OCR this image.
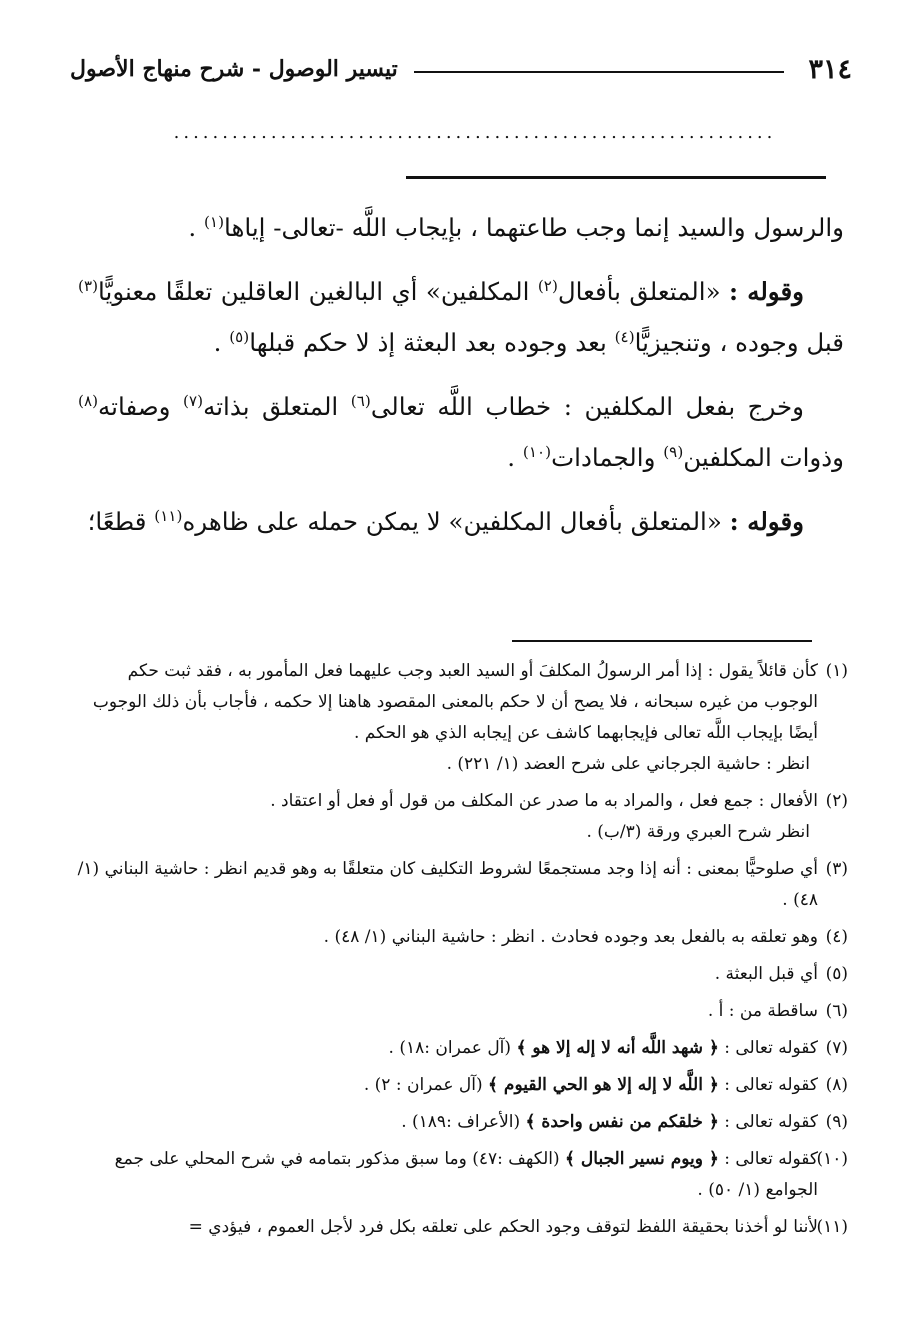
٣١٤
تيسير الوصول - شرح منهاج الأصول
..............................................................

والرسول والسيد إنما وجب طاعتهما ، بإيجاب اللَّه -تعالى- إياها$^{(١)}$ .

وقوله : «المتعلق بأفعال$^{(٢)}$ المكلفين» أي البالغين العاقلين تعلقًا معنويًّا$^{(٣)}$ قبل وجوده ، وتنجيزيًّا$^{(٤)}$ بعد وجوده بعد البعثة إذ لا حكم قبلها$^{(٥)}$ .

وخرج بفعل المكلفين : خطاب اللَّه تعالى$^{(٦)}$ المتعلق بذاته$^{(٧)}$ وصفاته$^{(٨)}$ وذوات المكلفين$^{(٩)}$ والجمادات$^{(١٠)}$ .

وقوله : «المتعلق بأفعال المكلفين» لا يمكن حمله على ظاهره$^{(١١)}$ قطعًا؛

(١)
كأن قائلاً يقول : إذا أمر الرسولُ المكلفَ أو السيد العبد وجب عليهما فعل المأمور به ، فقد ثبت حكم الوجوب من غيره سبحانه ، فلا يصح أن لا حكم بالمعنى المقصود هاهنا إلا حكمه ، فأجاب بأن ذلك الوجوب أيضًا بإيجاب اللَّه تعالى فإيجابهما كاشف عن إيجابه الذي هو الحكم .
انظر : حاشية الجرجاني على شرح العضد (١/ ٢٢١) .
(٢)
الأفعال : جمع فعل ، والمراد به ما صدر عن المكلف من قول أو فعل أو اعتقاد .
انظر شرح العبري ورقة (٣/ب) .
(٣)
أي صلوحيًّا بمعنى : أنه إذا وجد مستجمعًا لشروط التكليف كان متعلقًا به وهو قديم انظر : حاشية البناني (١/ ٤٨) .
(٤)
وهو تعلقه به بالفعل بعد وجوده فحادث . انظر : حاشية البناني (١/ ٤٨) .
(٥)
أي قبل البعثة .
(٦)
ساقطة من : أ .
(٧)
كقوله تعالى : ﴿ شهد اللَّه أنه لا إله إلا هو ﴾ (آل عمران :١٨) .
(٨)
كقوله تعالى : ﴿ اللَّه لا إله إلا هو الحي القيوم ﴾ (آل عمران : ٢) .
(٩)
كقوله تعالى : ﴿ خلقكم من نفس واحدة ﴾ (الأعراف :١٨٩) .
(١٠)
كقوله تعالى : ﴿ ويوم نسير الجبال ﴾ (الكهف :٤٧) وما سبق مذكور بتمامه في شرح المحلي على جمع الجوامع (١/ ٥٠) .
(١١)
لأننا لو أخذنا بحقيقة اللفظ لتوقف وجود الحكم على تعلقه بكل فرد لأجل العموم ، فيؤدي =
